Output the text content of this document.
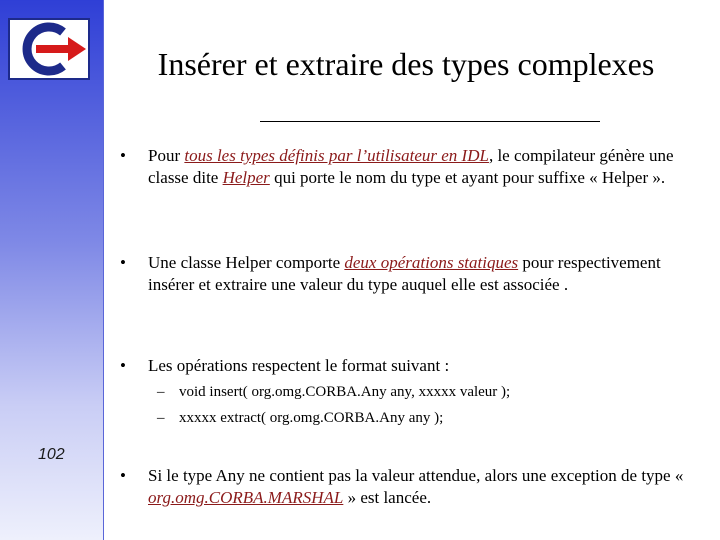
102
Insérer et extraire des types complexes
• Pour tous les types définis par l’utilisateur en IDL, le compilateur génère une classe dite Helper qui porte le nom du type et ayant pour suffixe « Helper ».
• Une classe Helper comporte deux opérations statiques pour respectivement insérer et extraire une valeur du type auquel elle est associée .
• Les opérations respectent le format suivant :
– void insert( org.omg.CORBA.Any any, xxxxx valeur );
– xxxxx extract( org.omg.CORBA.Any any );
• Si le type Any ne contient pas la valeur attendue, alors une exception de type « org.omg.CORBA.MARSHAL » est lancée.
